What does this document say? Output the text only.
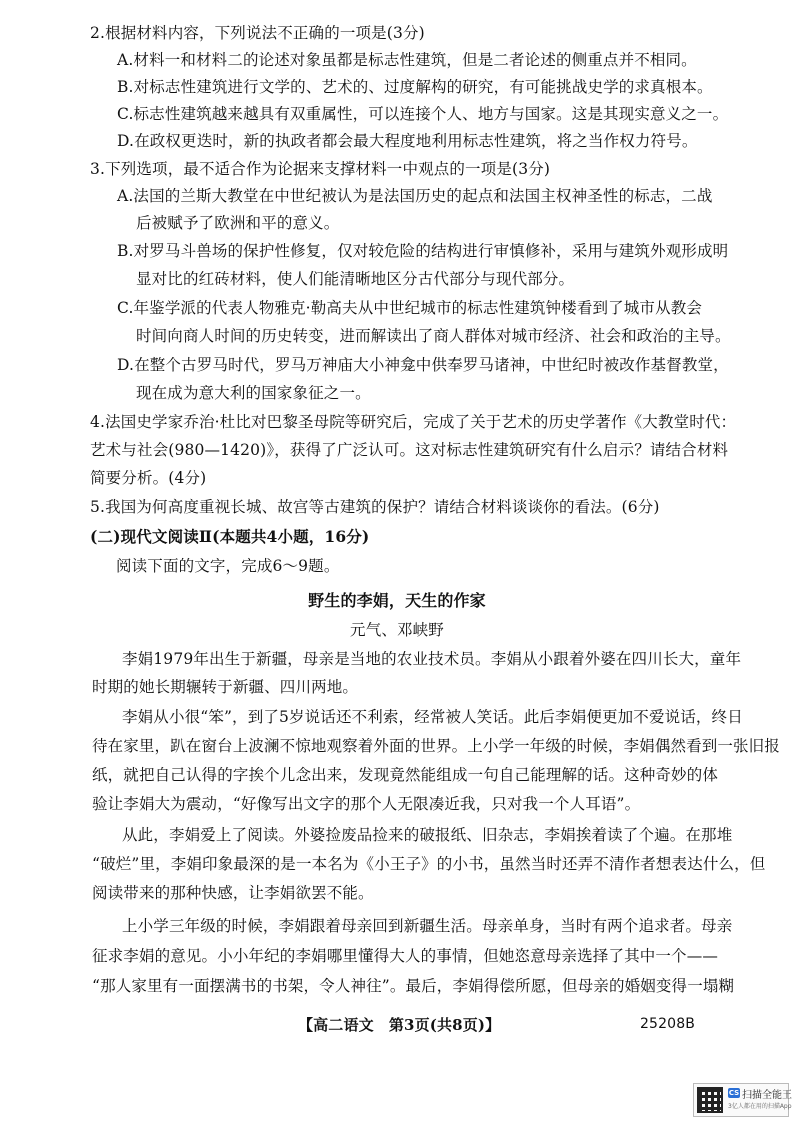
2.根据材料内容，下列说法不正确的一项是(3分)
A.材料一和材料二的论述对象虽都是标志性建筑，但是二者论述的侧重点并不相同。
B.对标志性建筑进行文学的、艺术的、过度解构的研究，有可能挑战史学的求真根本。
C.标志性建筑越来越具有双重属性，可以连接个人、地方与国家。这是其现实意义之一。
D.在政权更迭时，新的执政者都会最大程度地利用标志性建筑，将之当作权力符号。
3.下列选项，最不适合作为论据来支撑材料一中观点的一项是(3分)
A.法国的兰斯大教堂在中世纪被认为是法国历史的起点和法国主权神圣性的标志，二战
后被赋予了欧洲和平的意义。
B.对罗马斗兽场的保护性修复，仅对较危险的结构进行审慎修补，采用与建筑外观形成明
显对比的红砖材料，使人们能清晰地区分古代部分与现代部分。
C.年鉴学派的代表人物雅克·勒高夫从中世纪城市的标志性建筑钟楼看到了城市从教会
时间向商人时间的历史转变，进而解读出了商人群体对城市经济、社会和政治的主导。
D.在整个古罗马时代，罗马万神庙大小神龛中供奉罗马诸神，中世纪时被改作基督教堂，
现在成为意大利的国家象征之一。
4.法国史学家乔治·杜比对巴黎圣母院等研究后，完成了关于艺术的历史学著作《大教堂时代：
艺术与社会(980—1420)》，获得了广泛认可。这对标志性建筑研究有什么启示？请结合材料
简要分析。(4分)
5.我国为何高度重视长城、故宫等古建筑的保护？请结合材料谈谈你的看法。(6分)
(二)现代文阅读Ⅱ(本题共4小题，16分)
阅读下面的文字，完成6～9题。
野生的李娟，天生的作家
元气、邓峡野
李娟1979年出生于新疆，母亲是当地的农业技术员。李娟从小跟着外婆在四川长大，童年
时期的她长期辗转于新疆、四川两地。
李娟从小很“笨”，到了5岁说话还不利索，经常被人笑话。此后李娟便更加不爱说话，终日
待在家里，趴在窗台上波澜不惊地观察着外面的世界。上小学一年级的时候，李娟偶然看到一张旧报
纸，就把自己认得的字挨个儿念出来，发现竟然能组成一句自己能理解的话。这种奇妙的体
验让李娟大为震动，“好像写出文字的那个人无限凑近我，只对我一个人耳语”。
从此，李娟爱上了阅读。外婆捡废品捡来的破报纸、旧杂志，李娟挨着读了个遍。在那堆
“破烂”里，李娟印象最深的是一本名为《小王子》的小书，虽然当时还弄不清作者想表达什么，但
阅读带来的那种快感，让李娟欲罢不能。
上小学三年级的时候，李娟跟着母亲回到新疆生活。母亲单身，当时有两个追求者。母亲
征求李娟的意见。小小年纪的李娟哪里懂得大人的事情，但她恣意母亲选择了其中一个——
“那人家里有一面摆满书的书架，令人神往”。最后，李娟得偿所愿，但母亲的婚姻变得一塌糊
【高二语文　第3页(共8页)】	25208B
CS 扫描全能王
3亿人都在用的扫描App
